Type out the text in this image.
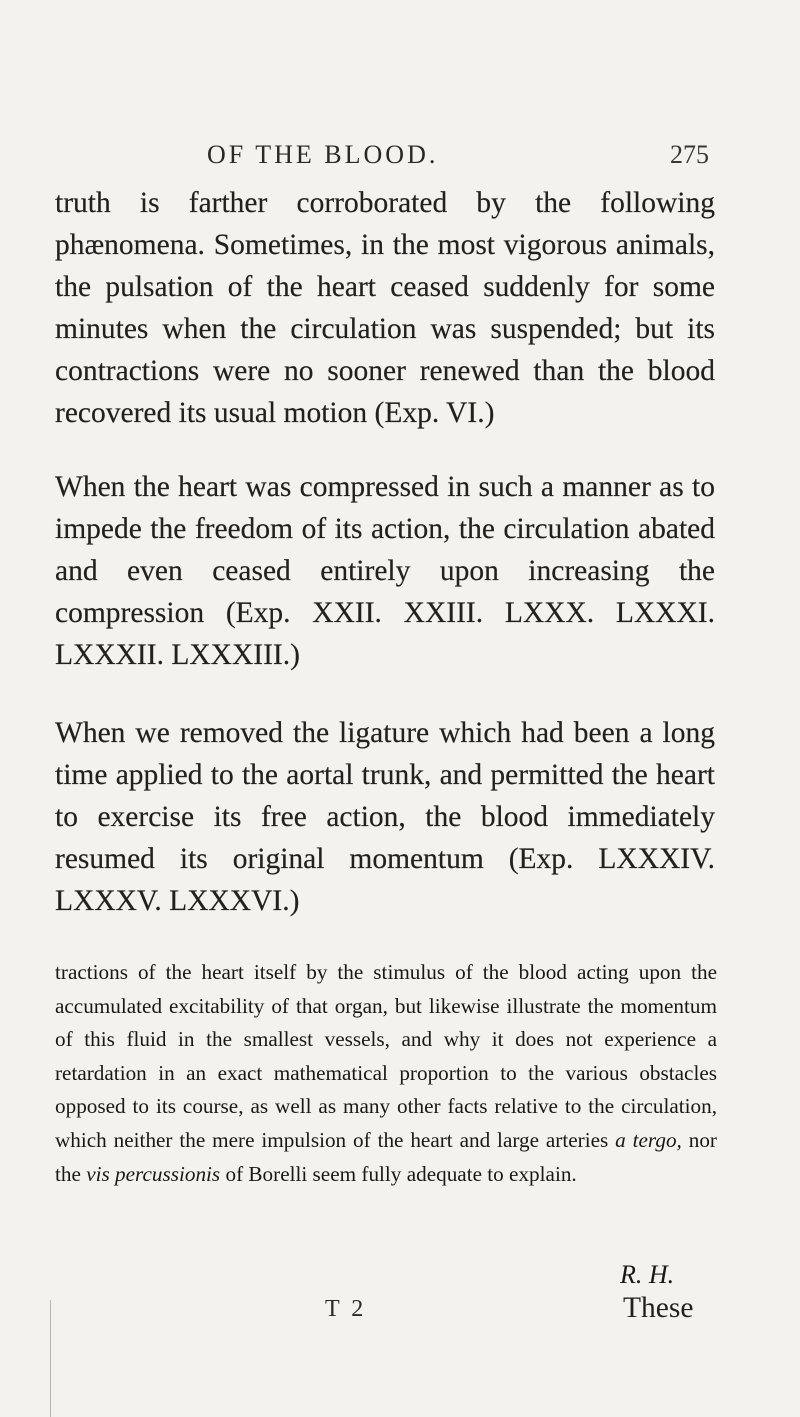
OF THE BLOOD.	275

truth is farther corroborated by the following phænomena. Sometimes, in the most vigorous animals, the pulsation of the heart ceased suddenly for some minutes when the circulation was suspended; but its contractions were no sooner renewed than the blood recovered its usual motion (Exp. VI.)

When the heart was compressed in such a manner as to impede the freedom of its action, the circulation abated and even ceased entirely upon increasing the compression (Exp. XXII. XXIII. LXXX. LXXXI. LXXXII. LXXXIII.)

When we removed the ligature which had been a long time applied to the aortal trunk, and permitted the heart to exercise its free action, the blood immediately resumed its original momentum (Exp. LXXXIV. LXXXV. LXXXVI.)

tractions of the heart itself by the stimulus of the blood acting upon the accumulated excitability of that organ, but likewise illustrate the momentum of this fluid in the smallest vessels, and why it does not experience a retardation in an exact mathematical proportion to the various obstacles opposed to its course, as well as many other facts relative to the circulation, which neither the mere impulsion of the heart and large arteries a tergo, nor the vis percussionis of Borelli seem fully adequate to explain.

R. H.
T 2	These
